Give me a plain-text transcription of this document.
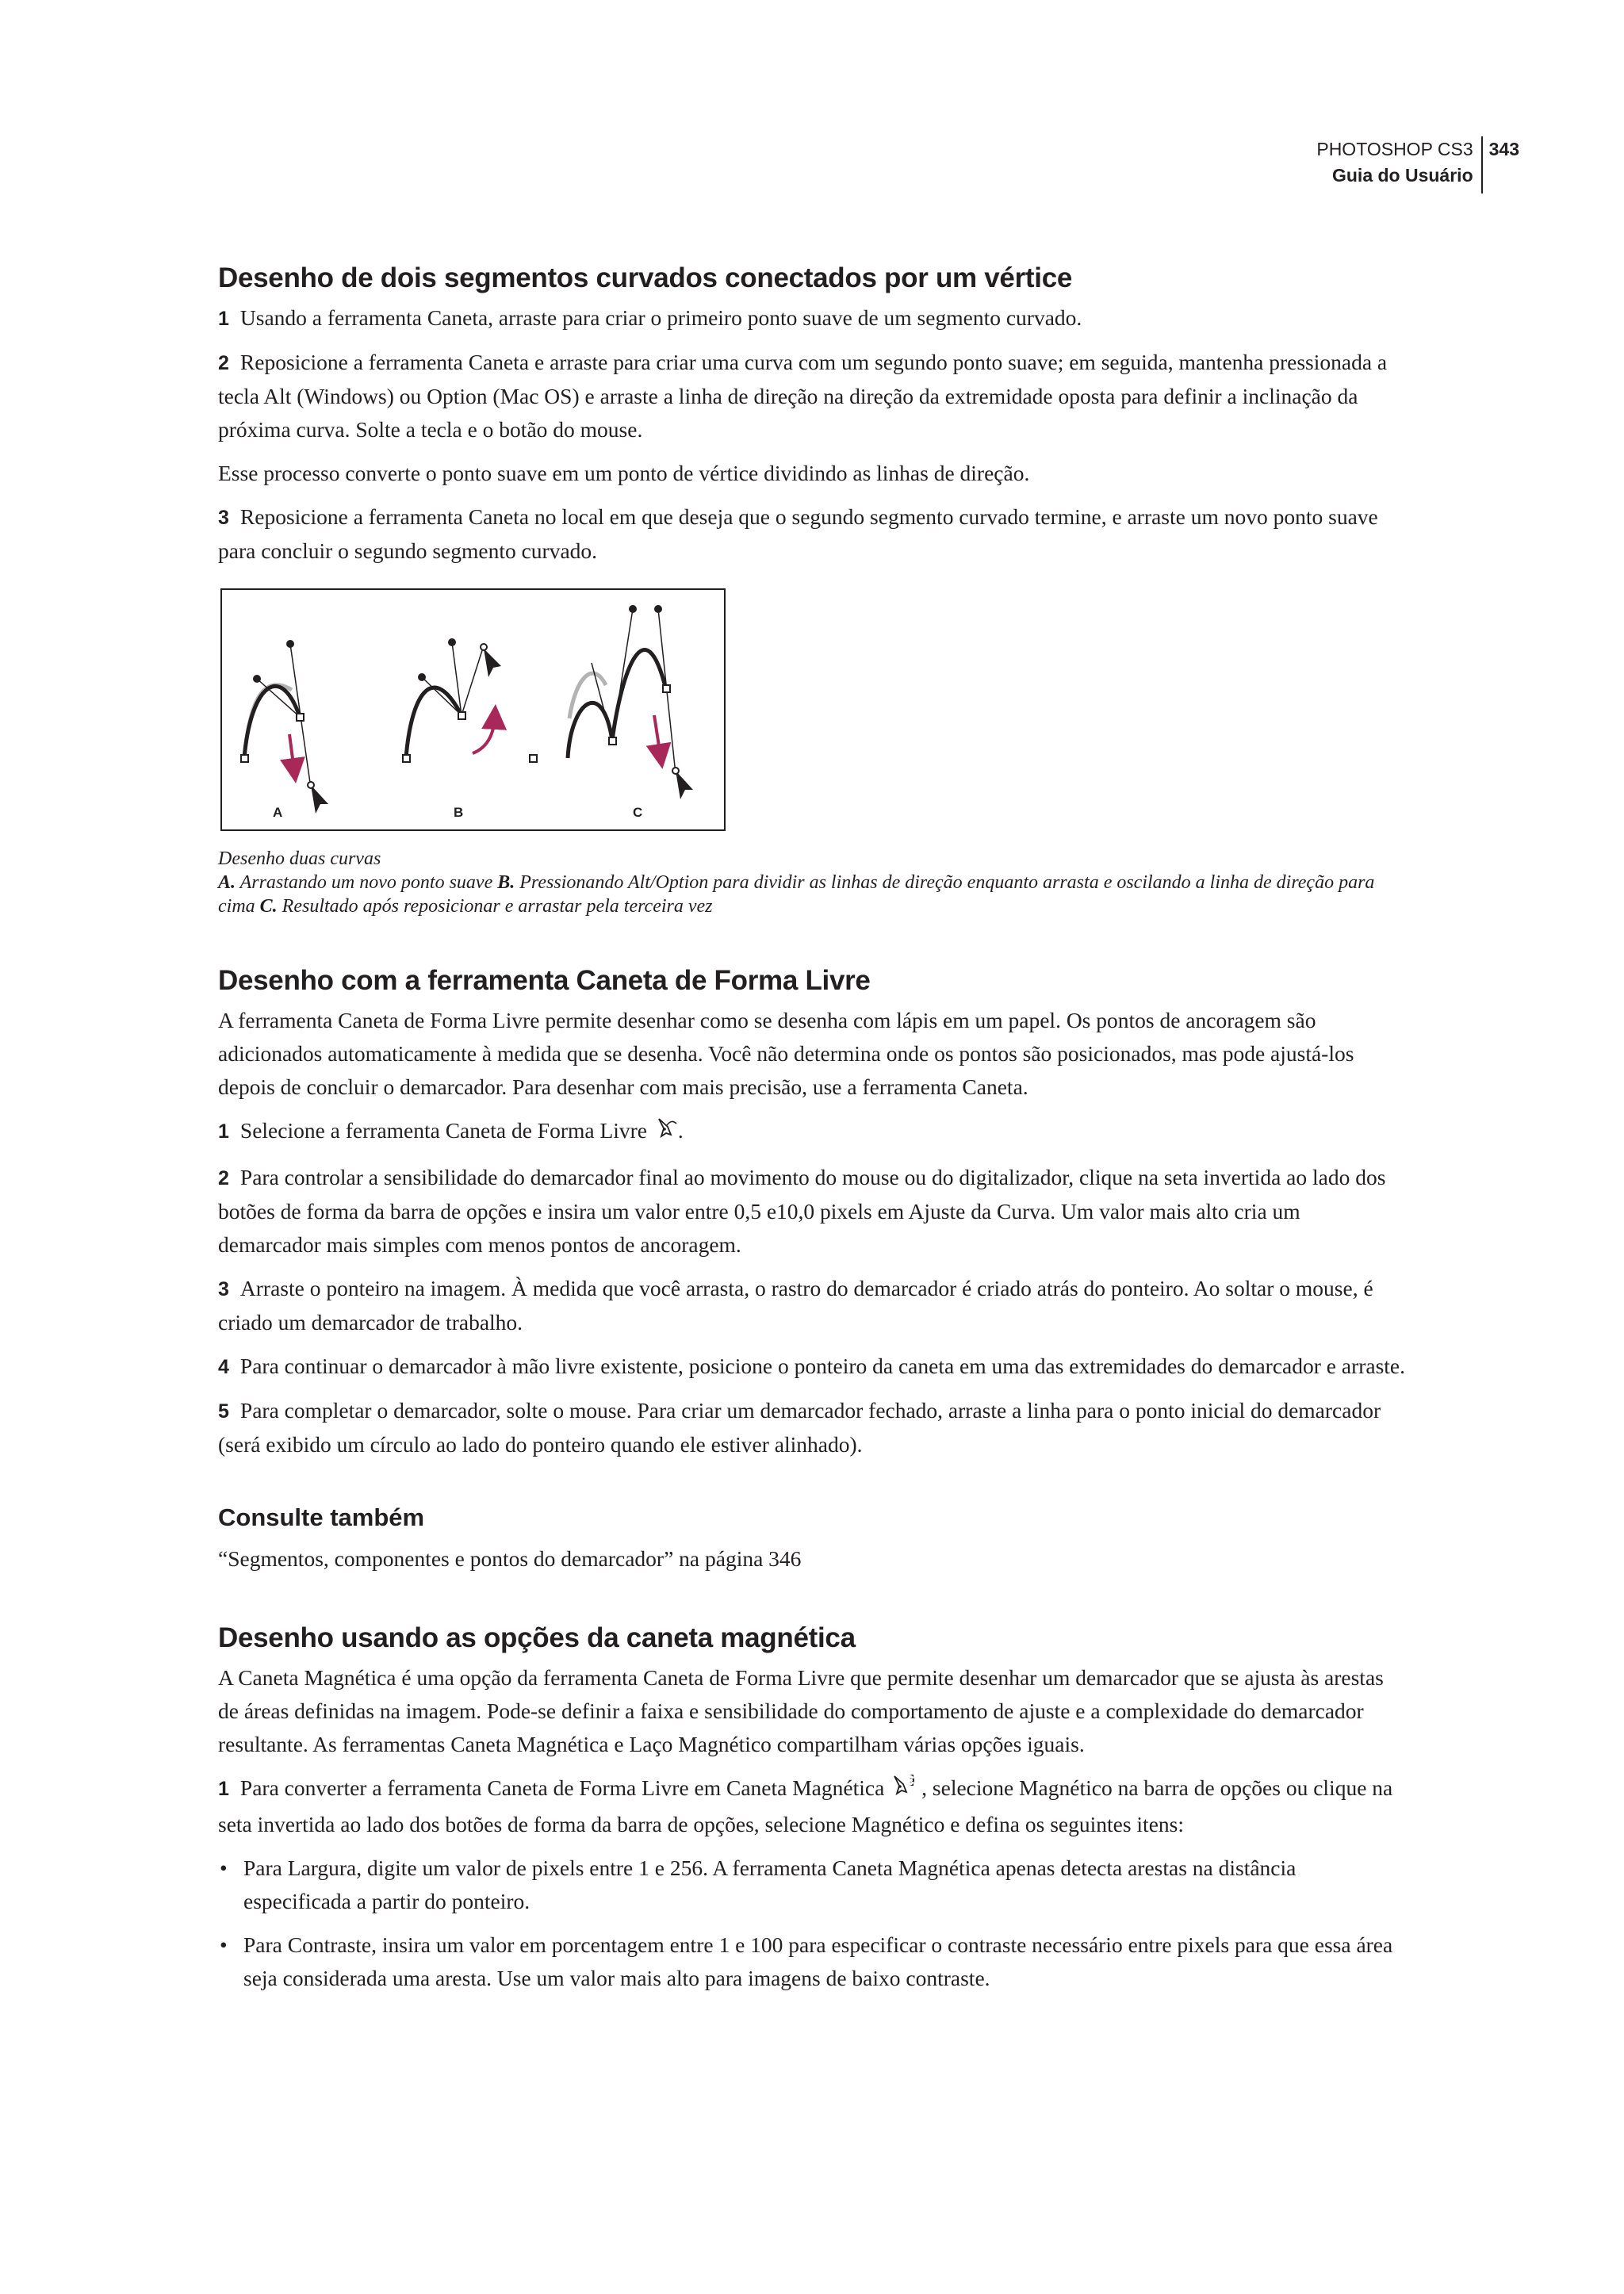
PHOTOSHOP CS3
Guia do Usuário
343
Desenho de dois segmentos curvados conectados por um vértice

1 Usando a ferramenta Caneta, arraste para criar o primeiro ponto suave de um segmento curvado.

2 Reposicione a ferramenta Caneta e arraste para criar uma curva com um segundo ponto suave; em seguida, mantenha pressionada a tecla Alt (Windows) ou Option (Mac OS) e arraste a linha de direção na direção da extremidade oposta para definir a inclinação da próxima curva. Solte a tecla e o botão do mouse.

Esse processo converte o ponto suave em um ponto de vértice dividindo as linhas de direção.

3 Reposicione a ferramenta Caneta no local em que deseja que o segundo segmento curvado termine, e arraste um novo ponto suave para concluir o segundo segmento curvado.

A	B	C

Desenho duas curvas
A. Arrastando um novo ponto suave B. Pressionando Alt/Option para dividir as linhas de direção enquanto arrasta e oscilando a linha de direção para cima C. Resultado após reposicionar e arrastar pela terceira vez

Desenho com a ferramenta Caneta de Forma Livre

A ferramenta Caneta de Forma Livre permite desenhar como se desenha com lápis em um papel. Os pontos de ancoragem são adicionados automaticamente à medida que se desenha. Você não determina onde os pontos são posicionados, mas pode ajustá-los depois de concluir o demarcador. Para desenhar com mais precisão, use a ferramenta Caneta.

1 Selecione a ferramenta Caneta de Forma Livre .

2 Para controlar a sensibilidade do demarcador final ao movimento do mouse ou do digitalizador, clique na seta invertida ao lado dos botões de forma da barra de opções e insira um valor entre 0,5 e10,0 pixels em Ajuste da Curva. Um valor mais alto cria um demarcador mais simples com menos pontos de ancoragem.

3 Arraste o ponteiro na imagem. À medida que você arrasta, o rastro do demarcador é criado atrás do ponteiro. Ao soltar o mouse, é criado um demarcador de trabalho.

4 Para continuar o demarcador à mão livre existente, posicione o ponteiro da caneta em uma das extremidades do demarcador e arraste.

5 Para completar o demarcador, solte o mouse. Para criar um demarcador fechado, arraste a linha para o ponto inicial do demarcador (será exibido um círculo ao lado do ponteiro quando ele estiver alinhado).

Consulte também

“Segmentos, componentes e pontos do demarcador” na página 346

Desenho usando as opções da caneta magnética

A Caneta Magnética é uma opção da ferramenta Caneta de Forma Livre que permite desenhar um demarcador que se ajusta às arestas de áreas definidas na imagem. Pode-se definir a faixa e sensibilidade do comportamento de ajuste e a complexidade do demarcador resultante. As ferramentas Caneta Magnética e Laço Magnético compartilham várias opções iguais.

1 Para converter a ferramenta Caneta de Forma Livre em Caneta Magnética , selecione Magnético na barra de opções ou clique na seta invertida ao lado dos botões de forma da barra de opções, selecione Magnético e defina os seguintes itens:

• Para Largura, digite um valor de pixels entre 1 e 256. A ferramenta Caneta Magnética apenas detecta arestas na distância especificada a partir do ponteiro.
• Para Contraste, insira um valor em porcentagem entre 1 e 100 para especificar o contraste necessário entre pixels para que essa área seja considerada uma aresta. Use um valor mais alto para imagens de baixo contraste.
